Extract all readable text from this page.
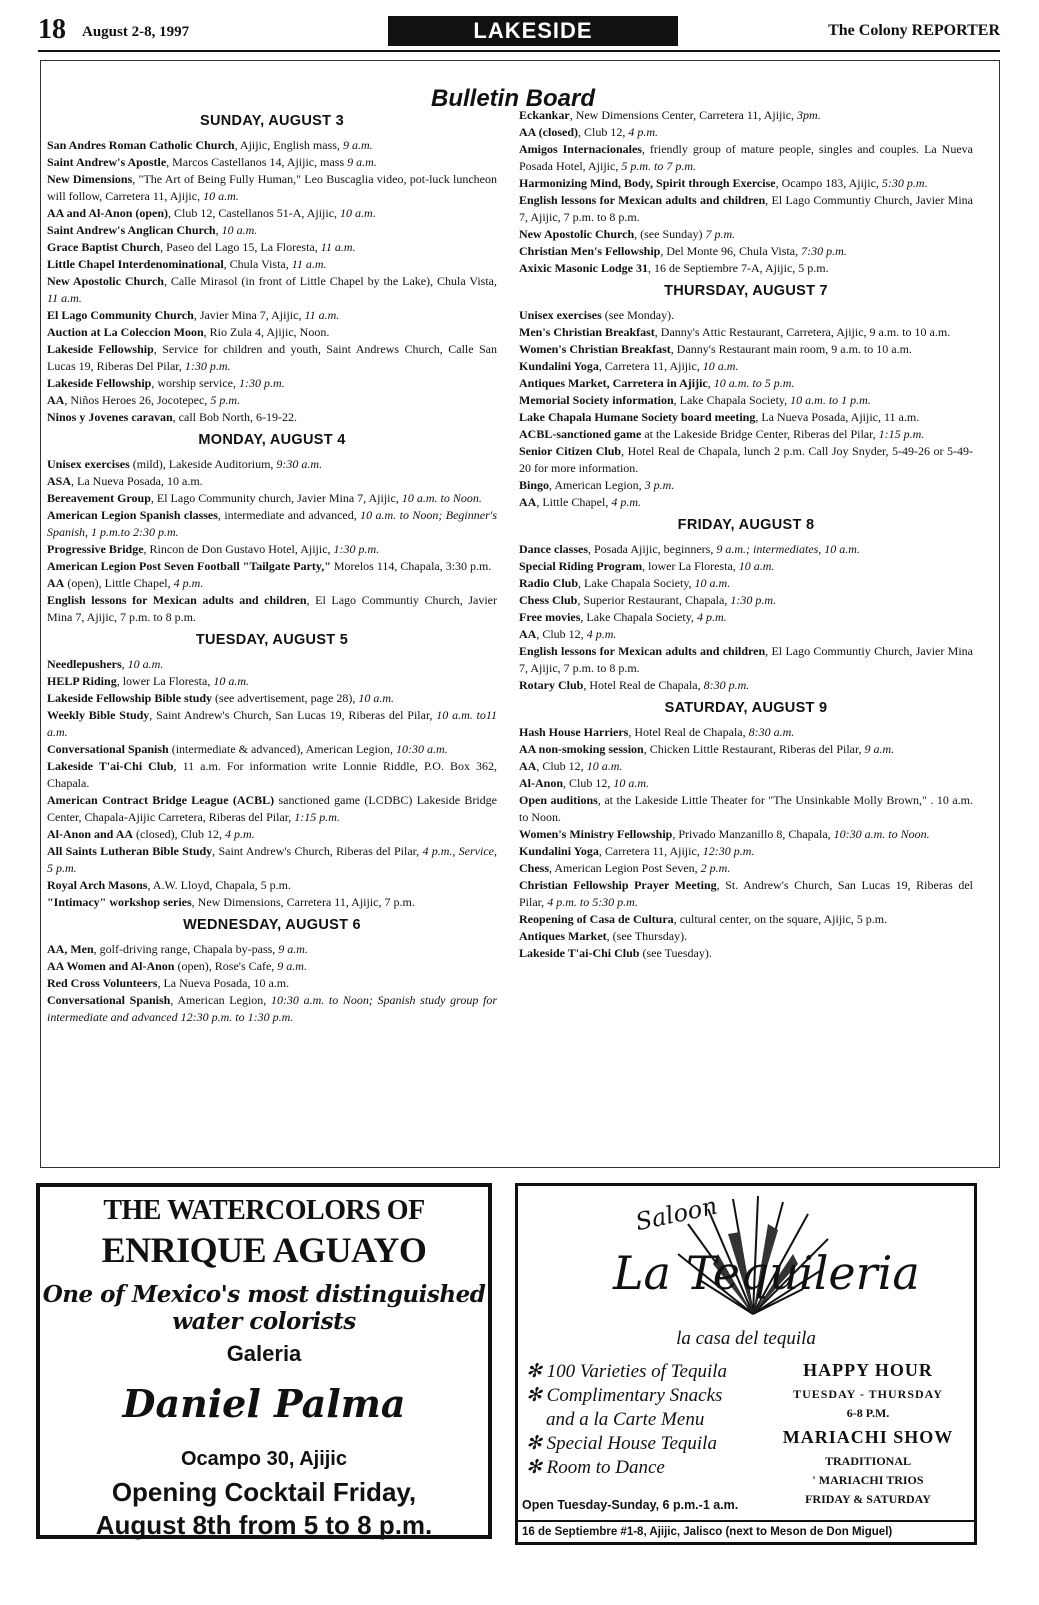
18 August 2-8, 1997	LAKESIDE	The Colony REPORTER
Bulletin Board
SUNDAY, AUGUST 3
San Andres Roman Catholic Church, Ajijic, English mass, 9 a.m.
Saint Andrew's Apostle, Marcos Castellanos 14, Ajijic, mass 9 a.m.
New Dimensions, "The Art of Being Fully Human," Leo Buscaglia video, pot-luck luncheon will follow, Carretera 11, Ajijic, 10 a.m.
AA and Al-Anon (open), Club 12, Castellanos 51-A, Ajijic, 10 a.m.
Saint Andrew's Anglican Church, 10 a.m.
Grace Baptist Church, Paseo del Lago 15, La Floresta, 11 a.m.
Little Chapel Interdenominational, Chula Vista, 11 a.m.
New Apostolic Church, Calle Mirasol (in front of Little Chapel by the Lake), Chula Vista, 11 a.m.
El Lago Community Church, Javier Mina 7, Ajijic, 11 a.m.
Auction at La Coleccion Moon, Rio Zula 4, Ajijic, Noon.
Lakeside Fellowship, Service for children and youth, Saint Andrews Church, Calle San Lucas 19, Riberas Del Pilar, 1:30 p.m.
Lakeside Fellowship, worship service, 1:30 p.m.
AA, Niños Heroes 26, Jocotepec, 5 p.m.
Ninos y Jovenes caravan, call Bob North, 6-19-22.
MONDAY, AUGUST 4
Unisex exercises (mild), Lakeside Auditorium, 9:30 a.m.
ASA, La Nueva Posada, 10 a.m.
Bereavement Group, El Lago Community church, Javier Mina 7, Ajijic, 10 a.m. to Noon.
American Legion Spanish classes, intermediate and advanced, 10 a.m. to Noon; Beginner's Spanish, 1 p.m.to 2:30 p.m.
Progressive Bridge, Rincon de Don Gustavo Hotel, Ajijic, 1:30 p.m.
American Legion Post Seven Football "Tailgate Party," Morelos 114, Chapala, 3:30 p.m.
AA (open), Little Chapel, 4 p.m.
English lessons for Mexican adults and children, El Lago Communtiy Church, Javier Mina 7, Ajijic, 7 p.m. to 8 p.m.
TUESDAY, AUGUST 5
Needlepushers, 10 a.m.
HELP Riding, lower La Floresta, 10 a.m.
Lakeside Fellowship Bible study (see advertisement, page 28), 10 a.m.
Weekly Bible Study, Saint Andrew's Church, San Lucas 19, Riberas del Pilar, 10 a.m. to11 a.m.
Conversational Spanish (intermediate & advanced), American Legion, 10:30 a.m.
Lakeside T'ai-Chi Club, 11 a.m. For information write Lonnie Riddle, P.O. Box 362, Chapala.
American Contract Bridge League (ACBL) sanctioned game (LCDBC) Lakeside Bridge Center, Chapala-Ajijic Carretera, Riberas del Pilar, 1:15 p.m.
Al-Anon and AA (closed), Club 12, 4 p.m.
All Saints Lutheran Bible Study, Saint Andrew's Church, Riberas del Pilar, 4 p.m., Service, 5 p.m.
Royal Arch Masons, A.W. Lloyd, Chapala, 5 p.m.
"Intimacy" workshop series, New Dimensions, Carretera 11, Ajijic, 7 p.m.
WEDNESDAY, AUGUST 6
AA, Men, golf-driving range, Chapala by-pass, 9 a.m.
AA Women and Al-Anon (open), Rose's Cafe, 9 a.m.
Red Cross Volunteers, La Nueva Posada, 10 a.m.
Conversational Spanish, American Legion, 10:30 a.m. to Noon; Spanish study group for intermediate and advanced 12:30 p.m. to 1:30 p.m.
Eckankar, New Dimensions Center, Carretera 11, Ajijic, 3pm.
AA (closed), Club 12, 4 p.m.
Amigos Internacionales, friendly group of mature people, singles and couples. La Nueva Posada Hotel, Ajijic, 5 p.m. to 7 p.m.
Harmonizing Mind, Body, Spirit through Exercise, Ocampo 183, Ajijic, 5:30 p.m.
English lessons for Mexican adults and children, El Lago Communtiy Church, Javier Mina 7, Ajijic, 7 p.m. to 8 p.m.
New Apostolic Church, (see Sunday) 7 p.m.
Christian Men's Fellowship, Del Monte 96, Chula Vista, 7:30 p.m.
Axixic Masonic Lodge 31, 16 de Septiembre 7-A, Ajijic, 5 p.m.
THURSDAY, AUGUST 7
Unisex exercises (see Monday).
Men's Christian Breakfast, Danny's Attic Restaurant, Carretera, Ajijic, 9 a.m. to 10 a.m.
Women's Christian Breakfast, Danny's Restaurant main room, 9 a.m. to 10 a.m.
Kundalini Yoga, Carretera 11, Ajijic, 10 a.m.
Antiques Market, Carretera in Ajijic, 10 a.m. to 5 p.m.
Memorial Society information, Lake Chapala Society, 10 a.m. to 1 p.m.
Lake Chapala Humane Society board meeting, La Nueva Posada, Ajijic, 11 a.m.
ACBL-sanctioned game at the Lakeside Bridge Center, Riberas del Pilar, 1:15 p.m.
Senior Citizen Club, Hotel Real de Chapala, lunch 2 p.m. Call Joy Snyder, 5-49-26 or 5-49-20 for more information.
Bingo, American Legion, 3 p.m.
AA, Little Chapel, 4 p.m.
FRIDAY, AUGUST 8
Dance classes, Posada Ajijic, beginners, 9 a.m.; intermediates, 10 a.m.
Special Riding Program, lower La Floresta, 10 a.m.
Radio Club, Lake Chapala Society, 10 a.m.
Chess Club, Superior Restaurant, Chapala, 1:30 p.m.
Free movies, Lake Chapala Society, 4 p.m.
AA, Club 12, 4 p.m.
English lessons for Mexican adults and children, El Lago Communtiy Church, Javier Mina 7, Ajijic, 7 p.m. to 8 p.m.
Rotary Club, Hotel Real de Chapala, 8:30 p.m.
SATURDAY, AUGUST 9
Hash House Harriers, Hotel Real de Chapala, 8:30 a.m.
AA non-smoking session, Chicken Little Restaurant, Riberas del Pilar, 9 a.m.
AA, Club 12, 10 a.m.
Al-Anon, Club 12, 10 a.m.
Open auditions, at the Lakeside Little Theater for "The Unsinkable Molly Brown," . 10 a.m. to Noon.
Women's Ministry Fellowship, Privado Manzanillo 8, Chapala, 10:30 a.m. to Noon.
Kundalini Yoga, Carretera 11, Ajijic, 12:30 p.m.
Chess, American Legion Post Seven, 2 p.m.
Christian Fellowship Prayer Meeting, St. Andrew's Church, San Lucas 19, Riberas del Pilar, 4 p.m. to 5:30 p.m.
Reopening of Casa de Cultura, cultural center, on the square, Ajijic, 5 p.m.
Antiques Market, (see Thursday).
Lakeside T'ai-Chi Club (see Tuesday).
THE WATERCOLORS OF
ENRIQUE AGUAYO
One of Mexico's most distinguished water colorists
Galeria
Daniel Palma
Ocampo 30, Ajijic
Opening Cocktail Friday,
August 8th from 5 to 8 p.m.
Saloon
La Tequileria
la casa del tequila
✻ 100 Varieties of Tequila
✻ Complimentary Snacks
and a la Carte Menu
✻ Special House Tequila
✻ Room to Dance
HAPPY HOUR
TUESDAY - THURSDAY
6-8 P.M.
MARIACHI SHOW
TRADITIONAL
' MARIACHI TRIOS
FRIDAY & SATURDAY
Open Tuesday-Sunday, 6 p.m.-1 a.m.
16 de Septiembre #1-8, Ajijic, Jalisco (next to Meson de Don Miguel)
